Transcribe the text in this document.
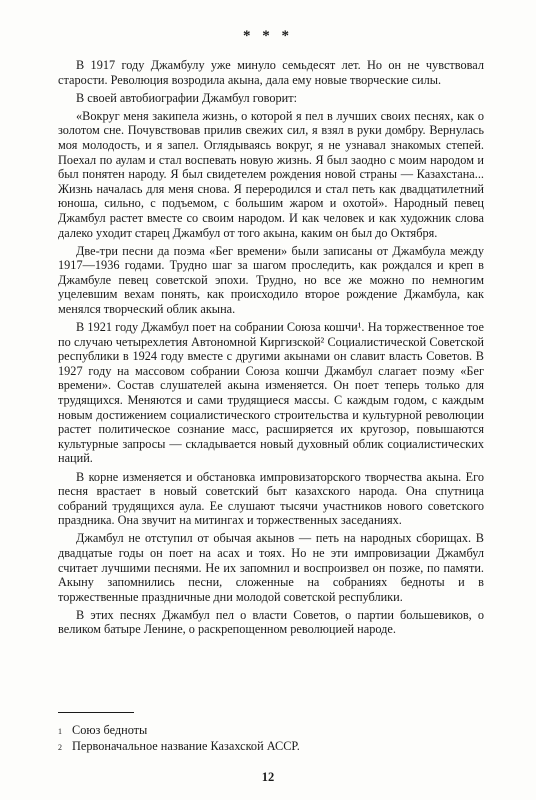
* * *

В 1917 году Джамбулу уже минуло семьдесят лет. Но он не чувствовал старости. Революция возродила акына, дала ему новые творческие силы.

В своей автобиографии Джамбул говорит:

«Вокруг меня закипела жизнь, о которой я пел в лучших своих песнях, как о золотом сне. Почувствовав прилив свежих сил, я взял в руки домбру. Вернулась моя молодость, и я запел. Оглядываясь вокруг, я не узнавал знакомых степей. Поехал по аулам и стал воспевать новую жизнь. Я был заодно с моим народом и был понятен народу. Я был свидетелем рождения новой страны — Казахстана... Жизнь началась для меня снова. Я переродился и стал петь как двадцатилетний юноша, сильно, с подъемом, с большим жаром и охотой». Народный певец Джамбул растет вместе со своим народом. И как человек и как художник слова далеко уходит старец Джамбул от того акына, каким он был до Октября.

Две-три песни да поэма «Бег времени» были записаны от Джамбула между 1917—1936 годами. Трудно шаг за шагом проследить, как рождался и креп в Джамбуле певец советской эпохи. Трудно, но все же можно по немногим уцелевшим вехам понять, как происходило второе рождение Джамбула, как менялся творческий облик акына.

В 1921 году Джамбул поет на собрании Союза кошчи¹. На торжественное тое по случаю четырехлетия Автономной Киргизской² Социалистической Советской республики в 1924 году вместе с другими акынами он славит власть Советов. В 1927 году на массовом собрании Союза кошчи Джамбул слагает поэму «Бег времени». Состав слушателей акына изменяется. Он поет теперь только для трудящихся. Меняются и сами трудящиеся массы. С каждым годом, с каждым новым достижением социалистического строительства и культурной революции растет политическое сознание масс, расширяется их кругозор, повышаются культурные запросы — складывается новый духовный облик социалистических наций.

В корне изменяется и обстановка импровизаторского творчества акына. Его песня врастает в новый советский быт казахского народа. Она спутница собраний трудящихся аула. Ее слушают тысячи участников нового советского праздника. Она звучит на митингах и торжественных заседаниях.

Джамбул не отступил от обычая акынов — петь на народных сборищах. В двадцатые годы он поет на асах и тоях. Но не эти импровизации Джамбул считает лучшими песнями. Не их запомнил и воспроизвел он позже, по памяти. Акыну запомнились песни, сложенные на собраниях бедноты и в торжественные праздничные дни молодой советской республики.

В этих песнях Джамбул пел о власти Советов, о партии большевиков, о великом батыре Ленине, о раскрепощенном революцией народе.

1 Союз бедноты
2 Первоначальное название Казахской АССР.
12
